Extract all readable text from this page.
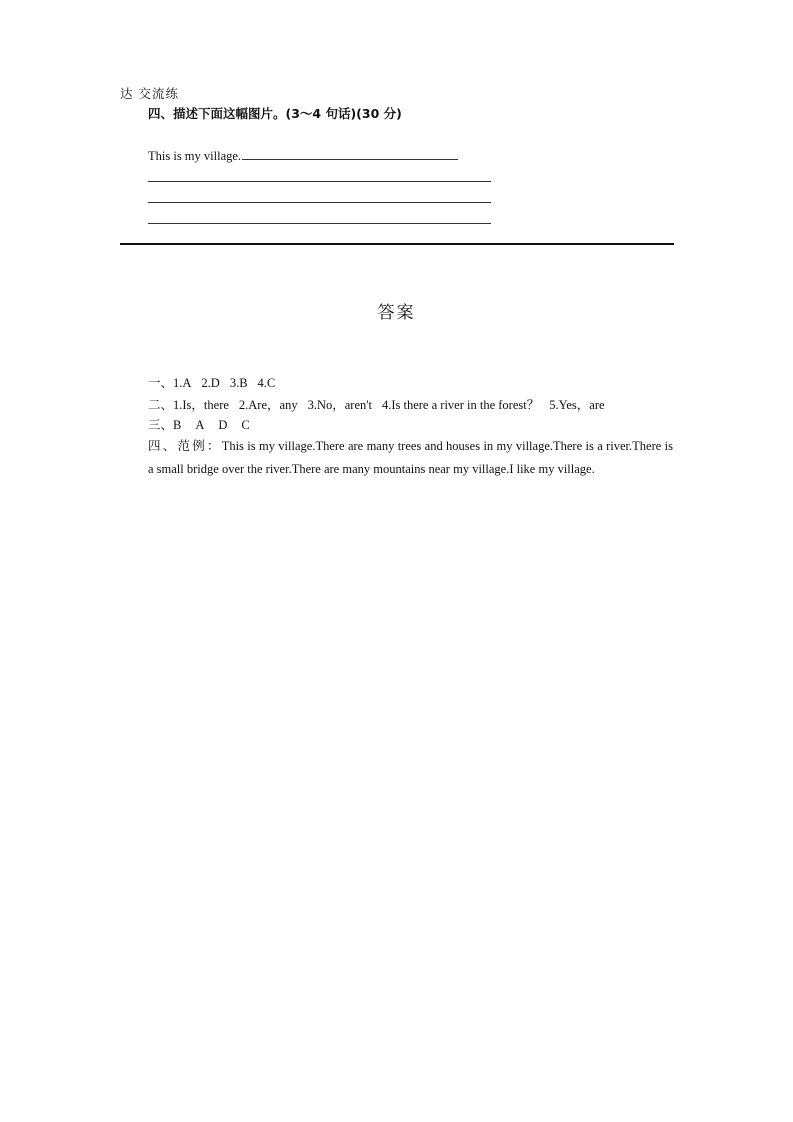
达 交流练
四、描述下面这幅图片。(3～4 句话)(30 分)
This is my village.
答案
一、1.A 2.D 3.B 4.C
二、1.Is，there 2.Are，any 3.No，aren't 4.Is there a river in the forest？ 5.Yes，are
三、B A D C
四、范例：This is my village.There are many trees and houses in my village.There is a river.There is a small bridge over the river.There are many mountains near my village.I like my village.
